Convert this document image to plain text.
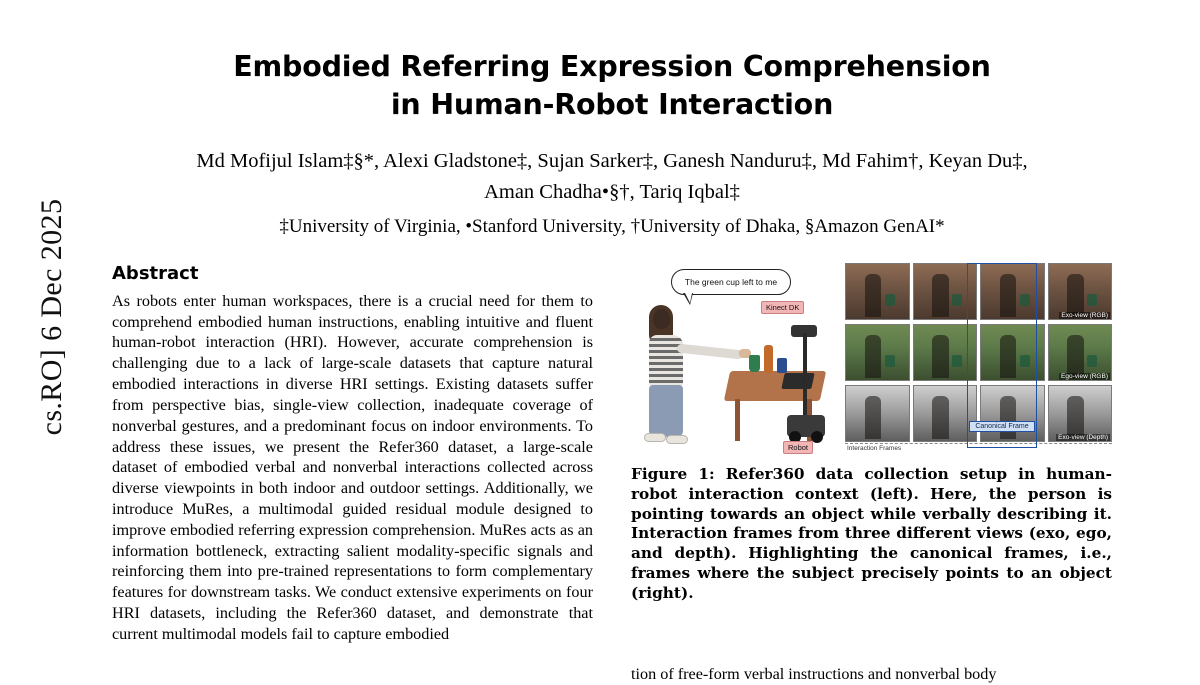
cs.RO] 6 Dec 2025
Embodied Referring Expression Comprehension
in Human-Robot Interaction
Md Mofijul Islam‡§*, Alexi Gladstone‡, Sujan Sarker‡, Ganesh Nanduru‡, Md Fahim†, Keyan Du‡,
Aman Chadha•§†, Tariq Iqbal‡
‡University of Virginia, •Stanford University, †University of Dhaka, §Amazon GenAI*
Abstract
As robots enter human workspaces, there is a crucial need for them to comprehend embodied human instructions, enabling intuitive and fluent human-robot interaction (HRI). However, accurate comprehension is challenging due to a lack of large-scale datasets that capture natural embodied interactions in diverse HRI settings. Existing datasets suffer from perspective bias, single-view collection, inadequate coverage of nonverbal gestures, and a predominant focus on indoor environments. To address these issues, we present the Refer360 dataset, a large-scale dataset of embodied verbal and nonverbal interactions collected across diverse viewpoints in both indoor and outdoor settings. Additionally, we introduce MuRes, a multimodal guided residual module designed to improve embodied referring expression comprehension. MuRes acts as an information bottleneck, extracting salient modality-specific signals and reinforcing them into pre-trained representations to form complementary features for downstream tasks. We conduct extensive experiments on four HRI datasets, including the Refer360 dataset, and demonstrate that current multimodal models fail to capture embodied
The green cup left to me
Kinect DK
Robot
Exo-view (RGB)
Ego-view (RGB)
Exo-view (Depth)
Canonical Frame
Interaction Frames
Figure 1: Refer360 data collection setup in human-robot interaction context (left). Here, the person is pointing towards an object while verbally describing it. Interaction frames from three different views (exo, ego, and depth). Highlighting the canonical frames, i.e., frames where the subject precisely points to an object (right).
tion of free-form verbal instructions and nonverbal body
